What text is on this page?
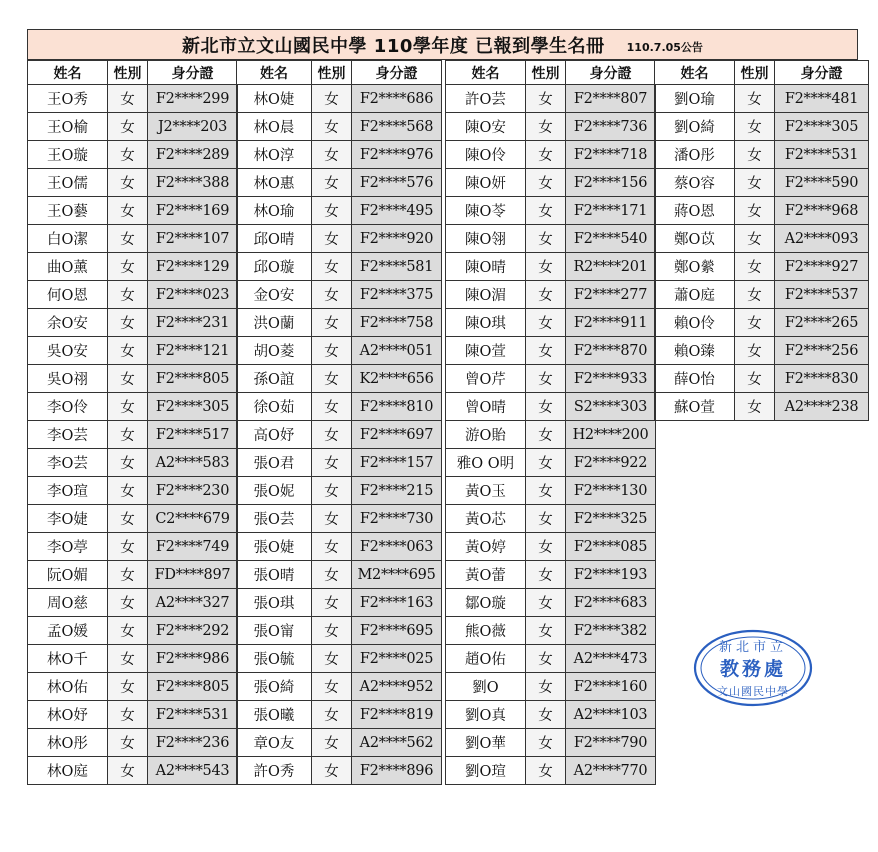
新北市立文山國民中學 110學年度 已報到學生名冊 110.7.05公告
姓名	性別	身分證
王O秀	女	F2****299
王O榆	女	J2****203
王O璇	女	F2****289
王O儒	女	F2****388
王O藝	女	F2****169
白O潔	女	F2****107
曲O薰	女	F2****129
何O恩	女	F2****023
余O安	女	F2****231
吳O安	女	F2****121
吳O祤	女	F2****805
李O伶	女	F2****305
李O芸	女	F2****517
李O芸	女	A2****583
李O瑄	女	F2****230
李O婕	女	C2****679
李O葶	女	F2****749
阮O媚	女	FD****897
周O慈	女	A2****327
孟O媛	女	F2****292
林O千	女	F2****986
林O佑	女	F2****805
林O妤	女	F2****531
林O彤	女	F2****236
林O庭	女	A2****543
姓名	性別	身分證
林O婕	女	F2****686
林O晨	女	F2****568
林O淳	女	F2****976
林O惠	女	F2****576
林O瑜	女	F2****495
邱O晴	女	F2****920
邱O璇	女	F2****581
金O安	女	F2****375
洪O蘭	女	F2****758
胡O菱	女	A2****051
孫O誼	女	K2****656
徐O茹	女	F2****810
高O妤	女	F2****697
張O君	女	F2****157
張O妮	女	F2****215
張O芸	女	F2****730
張O婕	女	F2****063
張O晴	女	M2****695
張O琪	女	F2****163
張O甯	女	F2****695
張O毓	女	F2****025
張O綺	女	A2****952
張O曦	女	F2****819
章O友	女	A2****562
許O秀	女	F2****896
姓名	性別	身分證
許O芸	女	F2****807
陳O安	女	F2****736
陳O伶	女	F2****718
陳O妍	女	F2****156
陳O苓	女	F2****171
陳O翎	女	F2****540
陳O晴	女	R2****201
陳O湄	女	F2****277
陳O琪	女	F2****911
陳O萱	女	F2****870
曾O芹	女	F2****933
曾O晴	女	S2****303
游O貽	女	H2****200
雅O O明	女	F2****922
黃O玉	女	F2****130
黃O芯	女	F2****325
黃O婷	女	F2****085
黃O蕾	女	F2****193
鄒O璇	女	F2****683
熊O薇	女	F2****382
趙O佑	女	A2****473
劉O	女	F2****160
劉O真	女	A2****103
劉O華	女	F2****790
劉O瑄	女	A2****770
姓名	性別	身分證
劉O瑜	女	F2****481
劉O綺	女	F2****305
潘O彤	女	F2****531
蔡O容	女	F2****590
蔣O恩	女	F2****968
鄭O苡	女	A2****093
鄭O縈	女	F2****927
蕭O庭	女	F2****537
賴O伶	女	F2****265
賴O臻	女	F2****256
薛O怡	女	F2****830
蘇O萱	女	A2****238
新北市立
教務處
文山國民中學
